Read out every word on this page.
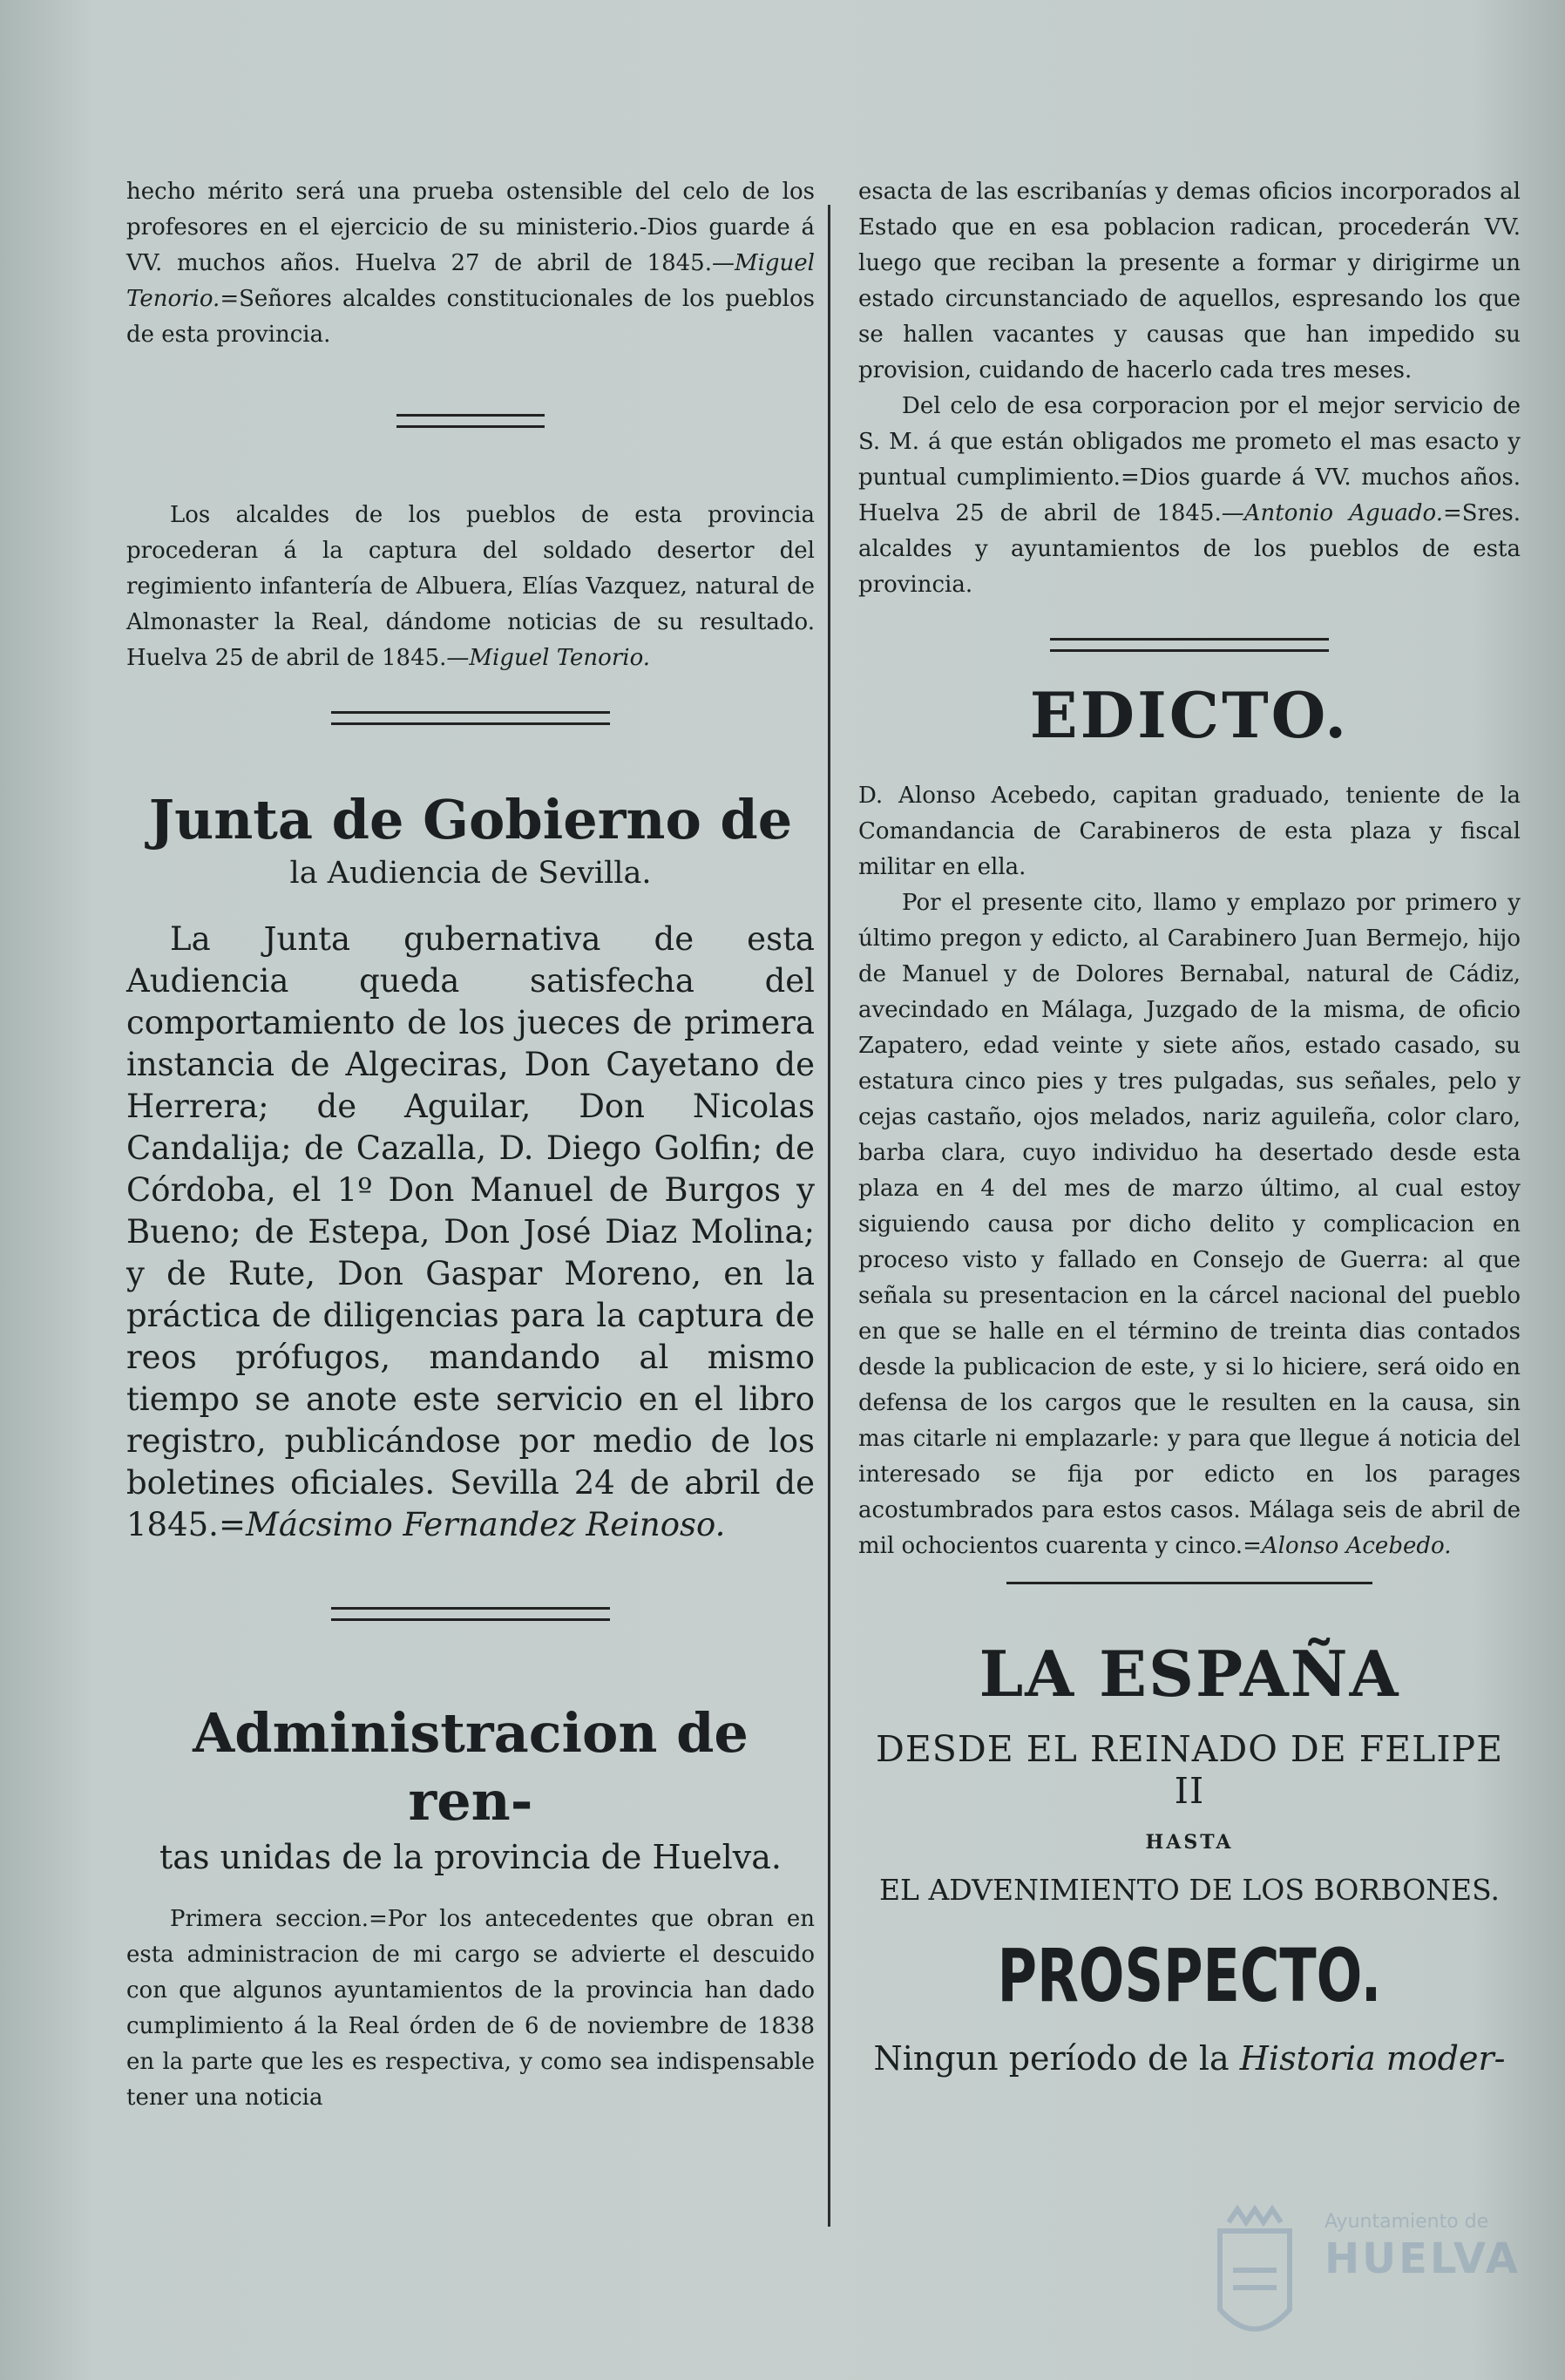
hecho mérito será una prueba ostensible del celo de los profesores en el ejercicio de su ministerio.-Dios guarde á VV. muchos años. Huelva 27 de abril de 1845.—Miguel Tenorio.=Señores alcaldes constitucionales de los pueblos de esta provincia.

Los alcaldes de los pueblos de esta provincia procederan á la captura del soldado desertor del regimiento infantería de Albuera, Elías Vazquez, natural de Almonaster la Real, dándome noticias de su resultado. Huelva 25 de abril de 1845.—Miguel Tenorio.

Junta de Gobierno de
la Audiencia de Sevilla.

La Junta gubernativa de esta Audiencia queda satisfecha del comportamiento de los jueces de primera instancia de Algeciras, Don Cayetano de Herrera; de Aguilar, Don Nicolas Candalija; de Cazalla, D. Diego Golfin; de Córdoba, el 1º Don Manuel de Burgos y Bueno; de Estepa, Don José Diaz Molina; y de Rute, Don Gaspar Moreno, en la práctica de diligencias para la captura de reos prófugos, mandando al mismo tiempo se anote este servicio en el libro registro, publicándose por medio de los boletines oficiales. Sevilla 24 de abril de 1845.=Mácsimo Fernandez Reinoso.

Administracion de ren-
tas unidas de la provincia de Huelva.

Primera seccion.=Por los antecedentes que obran en esta administracion de mi cargo se advierte el descuido con que algunos ayuntamientos de la provincia han dado cumplimiento á la Real órden de 6 de noviembre de 1838 en la parte que les es respectiva, y como sea indispensable tener una noticia

esacta de las escribanías y demas oficios incorporados al Estado que en esa poblacion radican, procederán VV. luego que reciban la presente a formar y dirigirme un estado circunstanciado de aquellos, espresando los que se hallen vacantes y causas que han impedido su provision, cuidando de hacerlo cada tres meses.

Del celo de esa corporacion por el mejor servicio de S. M. á que están obligados me prometo el mas esacto y puntual cumplimiento.=Dios guarde á VV. muchos años. Huelva 25 de abril de 1845.—Antonio Aguado.=Sres. alcaldes y ayuntamientos de los pueblos de esta provincia.

EDICTO.

D. Alonso Acebedo, capitan graduado, teniente de la Comandancia de Carabineros de esta plaza y fiscal militar en ella.

Por el presente cito, llamo y emplazo por primero y último pregon y edicto, al Carabinero Juan Bermejo, hijo de Manuel y de Dolores Bernabal, natural de Cádiz, avecindado en Málaga, Juzgado de la misma, de oficio Zapatero, edad veinte y siete años, estado casado, su estatura cinco pies y tres pulgadas, sus señales, pelo y cejas castaño, ojos melados, nariz aguileña, color claro, barba clara, cuyo individuo ha desertado desde esta plaza en 4 del mes de marzo último, al cual estoy siguiendo causa por dicho delito y complicacion en proceso visto y fallado en Consejo de Guerra: al que señala su presentacion en la cárcel nacional del pueblo en que se halle en el término de treinta dias contados desde la publicacion de este, y si lo hiciere, será oido en defensa de los cargos que le resulten en la causa, sin mas citarle ni emplazarle: y para que llegue á noticia del interesado se fija por edicto en los parages acostumbrados para estos casos. Málaga seis de abril de mil ochocientos cuarenta y cinco.=Alonso Acebedo.

LA ESPAÑA
DESDE EL REINADO DE FELIPE II
HASTA
EL ADVENIMIENTO DE LOS BORBONES.
PROSPECTO.
Ningun período de la Historia moder-
Ayuntamiento de
HUELVA
